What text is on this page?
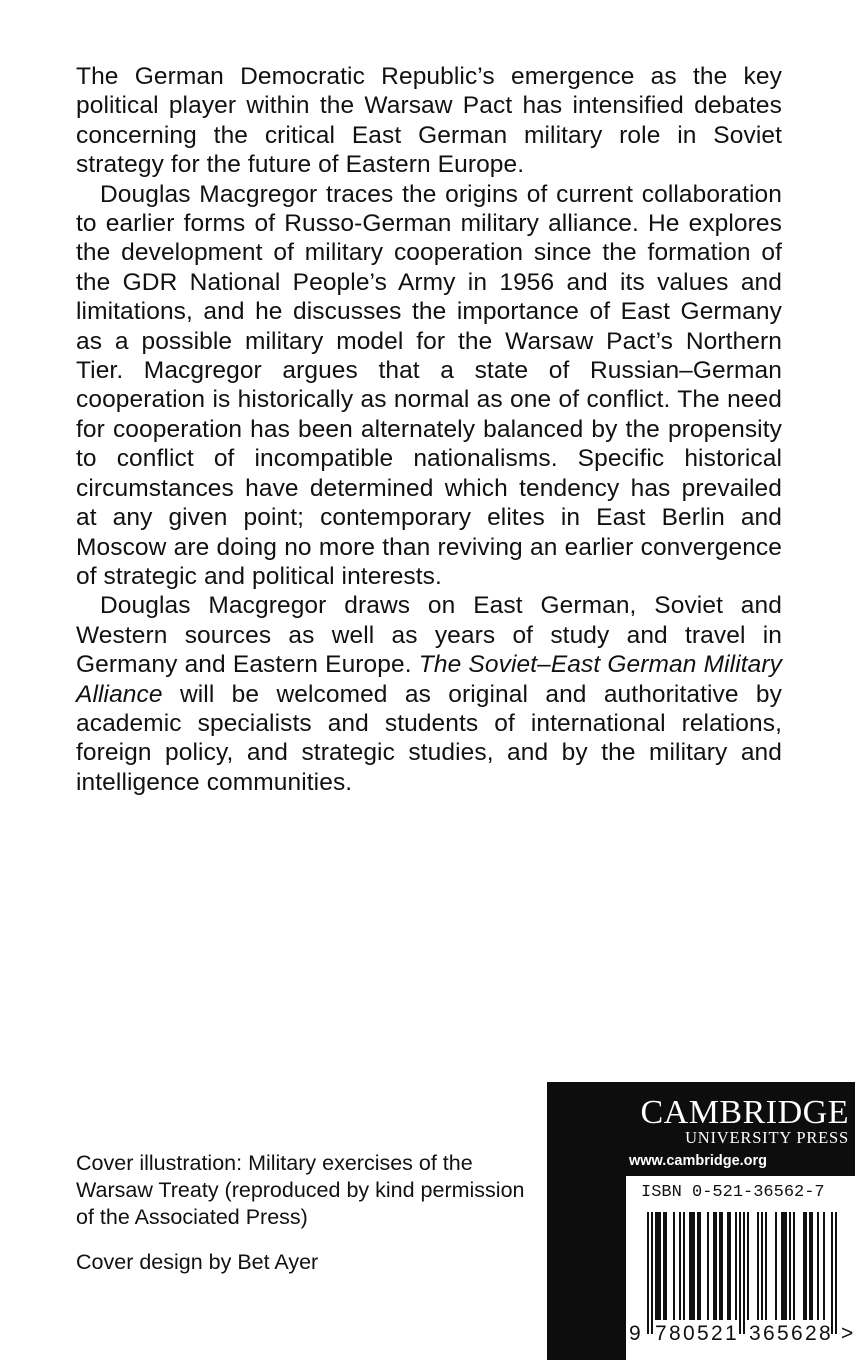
The German Democratic Republic’s emergence as the key political player within the Warsaw Pact has intensified debates concerning the critical East German military role in Soviet strategy for the future of Eastern Europe.

Douglas Macgregor traces the origins of current collaboration to earlier forms of Russo-German military alliance. He explores the development of military cooperation since the formation of the GDR National People’s Army in 1956 and its values and limitations, and he discusses the importance of East Germany as a possible military model for the Warsaw Pact’s Northern Tier. Macgregor argues that a state of Russian–German cooperation is historically as normal as one of conflict. The need for cooperation has been alternately balanced by the propensity to conflict of incompatible nationalisms. Specific historical circumstances have determined which tendency has prevailed at any given point; contemporary elites in East Berlin and Moscow are doing no more than reviving an earlier convergence of strategic and political interests.

Douglas Macgregor draws on East German, Soviet and Western sources as well as years of study and travel in Germany and Eastern Europe. The Soviet–East German Military Alliance will be welcomed as original and authoritative by academic specialists and students of international relations, foreign policy, and strategic studies, and by the military and intelligence communities.

Cover illustration: Military exercises of the Warsaw Treaty (reproduced by kind permission of the Associated Press)

Cover design by Bet Ayer

CAMBRIDGE
UNIVERSITY PRESS
www.cambridge.org
ISBN 0-521-36562-7
9 7 8 0 5 2 1 3 6 5 6 2 8 >
